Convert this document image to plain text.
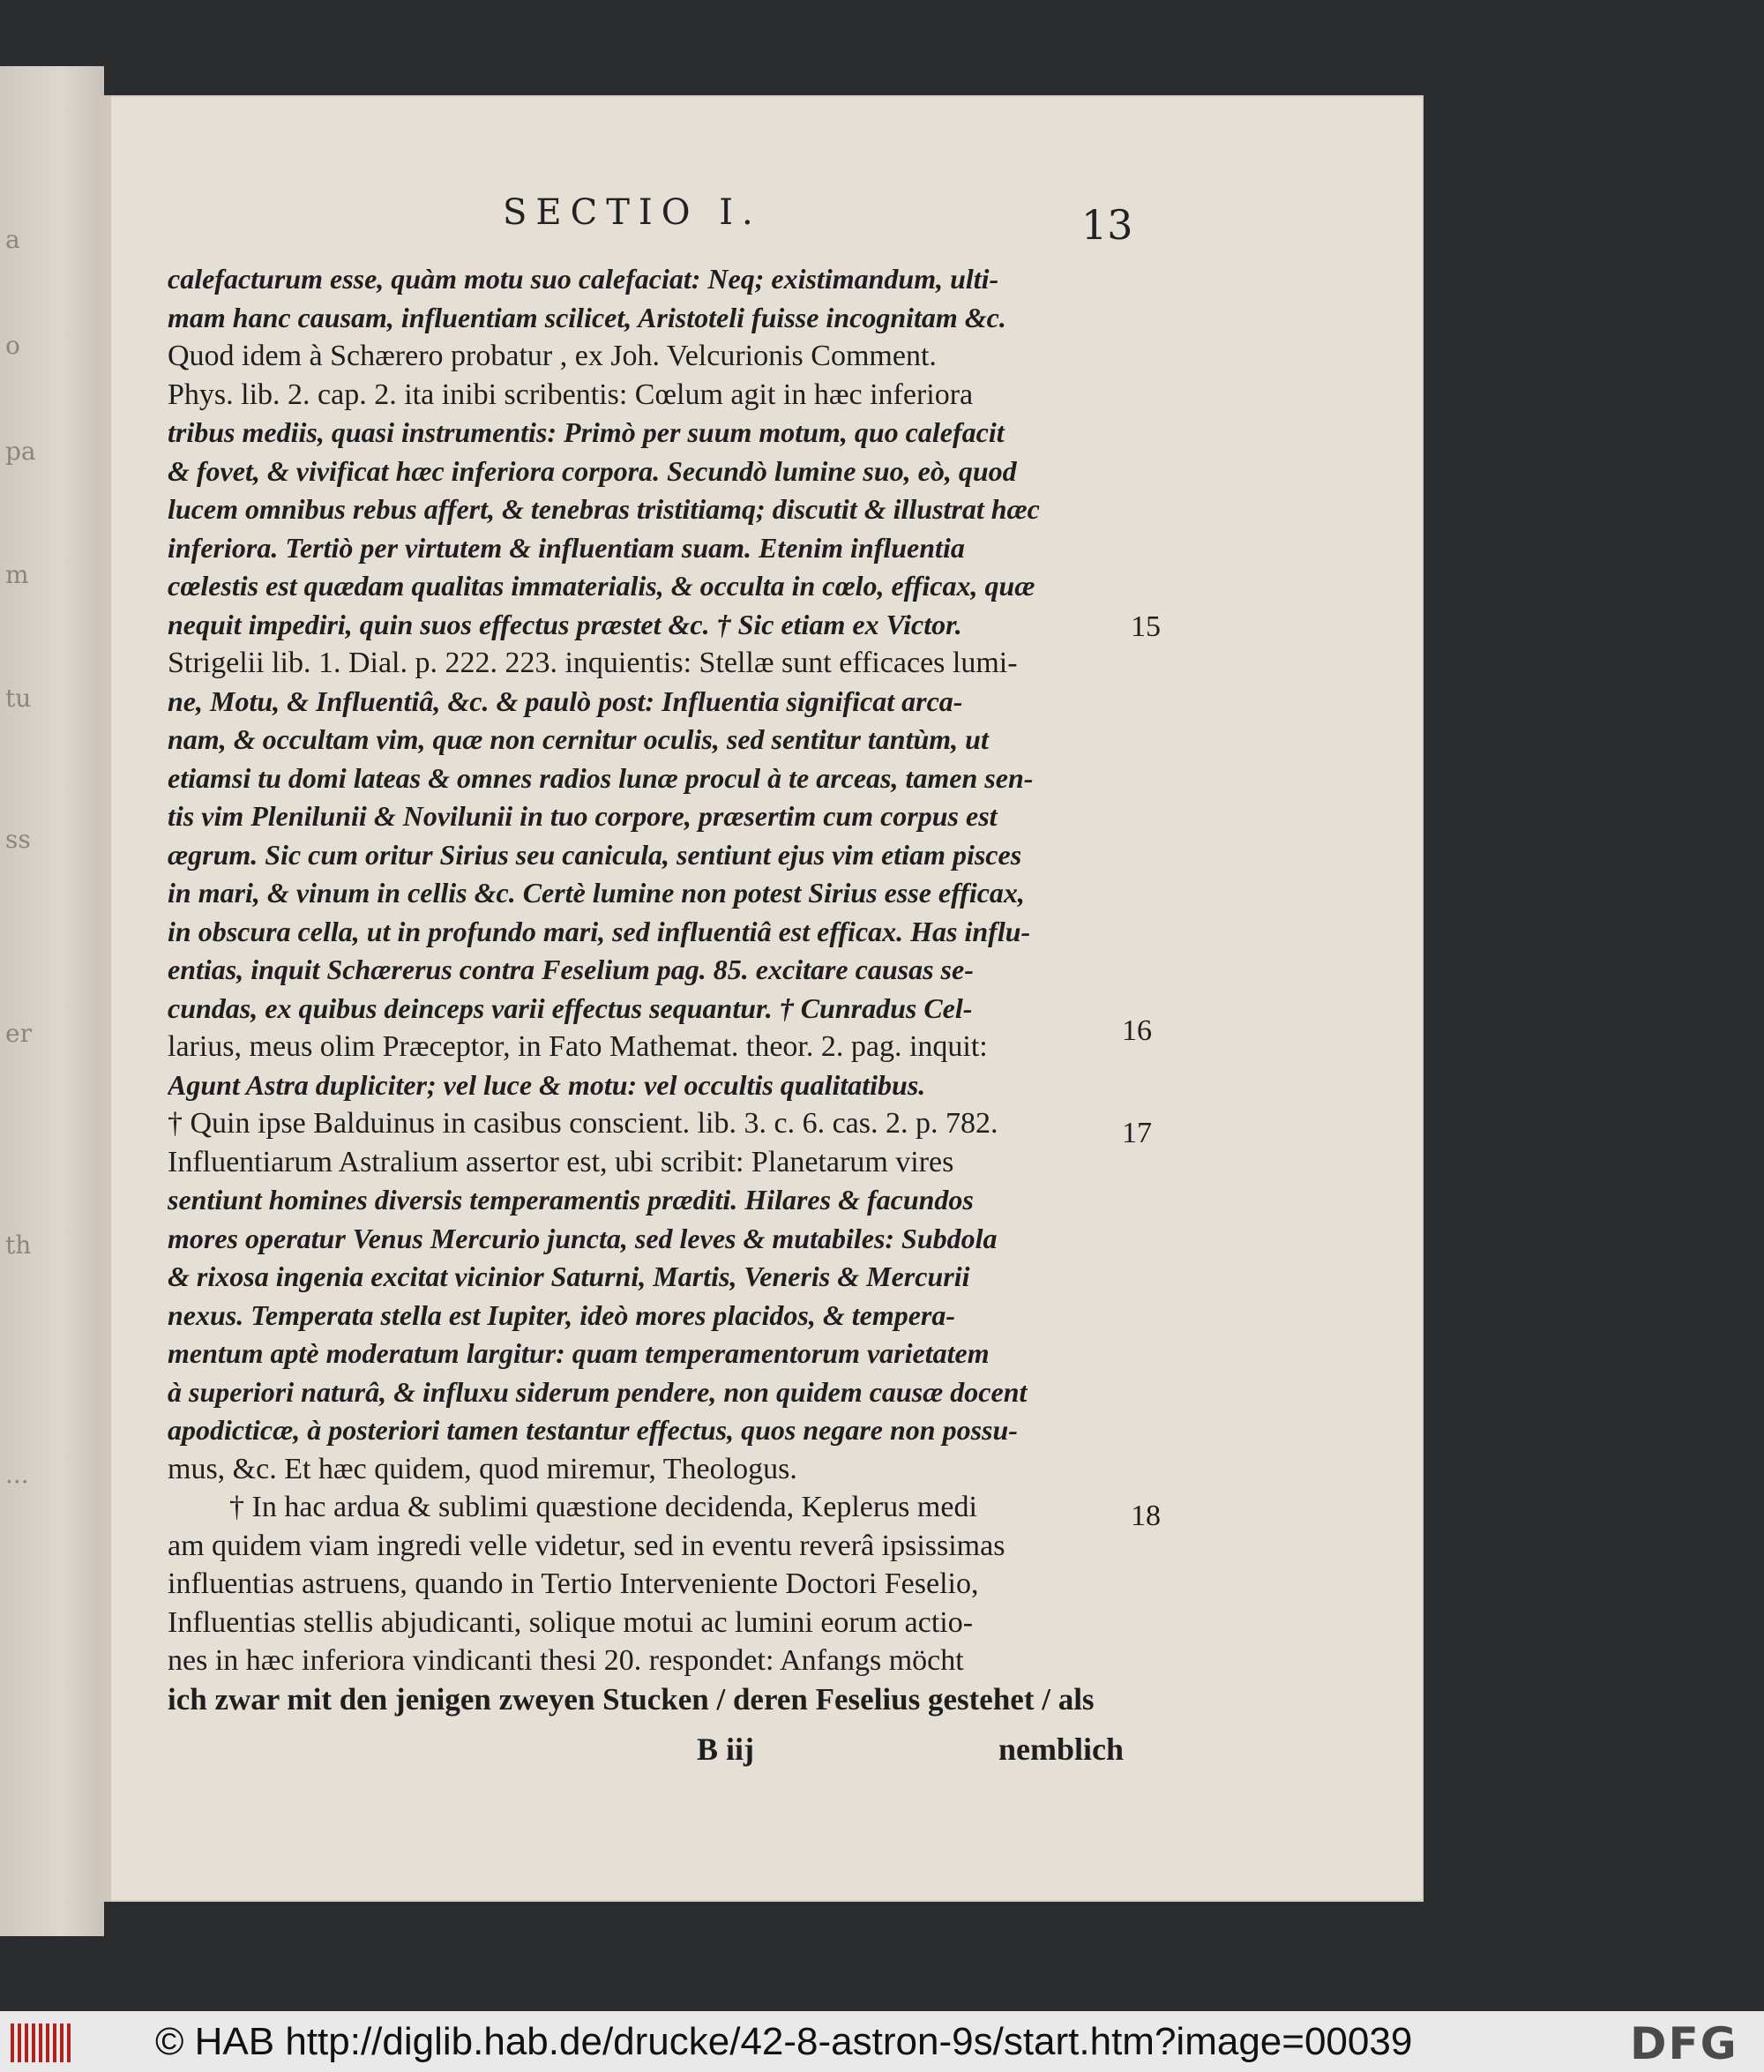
a
o
pa
m
tu
ss
er
th
...
SECTIO I.	13
calefacturum esse, quàm motu suo calefaciat: Neq; existimandum, ulti-
mam hanc causam, influentiam scilicet, Aristoteli fuisse incognitam &c.
Quod idem à Schærero probatur , ex Joh. Velcurionis Comment.
Phys. lib. 2. cap. 2. ita inibi scribentis: Cœlum agit in hæc inferiora
tribus mediis, quasi instrumentis: Primò per suum motum, quo calefacit
& fovet, & vivificat hæc inferiora corpora. Secundò lumine suo, eò, quod
lucem omnibus rebus affert, & tenebras tristitiamq; discutit & illustrat hæc
inferiora. Tertiò per virtutem & influentiam suam. Etenim influentia
cœlestis est quædam qualitas immaterialis, & occulta in cœlo, efficax, quæ
nequit impediri, quin suos effectus præstet &c. † Sic etiam ex Victor.
Strigelii lib. 1. Dial. p. 222. 223. inquientis: Stellæ sunt efficaces lumi-
ne, Motu, & Influentiâ, &c. & paulò post: Influentia significat arca-
nam, & occultam vim, quæ non cernitur oculis, sed sentitur tantùm, ut
etiamsi tu domi lateas & omnes radios lunæ procul à te arceas, tamen sen-
tis vim Plenilunii & Novilunii in tuo corpore, præsertim cum corpus est
ægrum. Sic cum oritur Sirius seu canicula, sentiunt ejus vim etiam pisces
in mari, & vinum in cellis &c. Certè lumine non potest Sirius esse efficax,
in obscura cella, ut in profundo mari, sed influentiâ est efficax. Has influ-
entias, inquit Schærerus contra Feselium pag. 85. excitare causas se-
cundas, ex quibus deinceps varii effectus sequantur. † Cunradus Cel-
larius, meus olim Præceptor, in Fato Mathemat. theor. 2. pag. inquit:
Agunt Astra dupliciter; vel luce & motu: vel occultis qualitatibus.
† Quin ipse Balduinus in casibus conscient. lib. 3. c. 6. cas. 2. p. 782.
Influentiarum Astralium assertor est, ubi scribit: Planetarum vires
sentiunt homines diversis temperamentis præditi. Hilares & facundos
mores operatur Venus Mercurio juncta, sed leves & mutabiles: Subdola
& rixosa ingenia excitat vicinior Saturni, Martis, Veneris & Mercurii
nexus. Temperata stella est Iupiter, ideò mores placidos, & tempera-
mentum aptè moderatum largitur: quam temperamentorum varietatem
à superiori naturâ, & influxu siderum pendere, non quidem causæ docent
apodicticæ, à posteriori tamen testantur effectus, quos negare non possu-
mus, &c. Et hæc quidem, quod miremur, Theologus.
† In hac ardua & sublimi quæstione decidenda, Keplerus medi
am quidem viam ingredi velle videtur, sed in eventu reverâ ipsissimas
influentias astruens, quando in Tertio Interveniente Doctori Feselio,
Influentias stellis abjudicanti, solique motui ac lumini eorum actio-
nes in hæc inferiora vindicanti thesi 20. respondet: Anfangs möcht
ich zwar mit den jenigen zweyen Stucken / deren Feselius gestehet / als
15
16
17
18
B iij	nemblich
© HAB http://diglib.hab.de/drucke/42-8-astron-9s/start.htm?image=00039	DFG
